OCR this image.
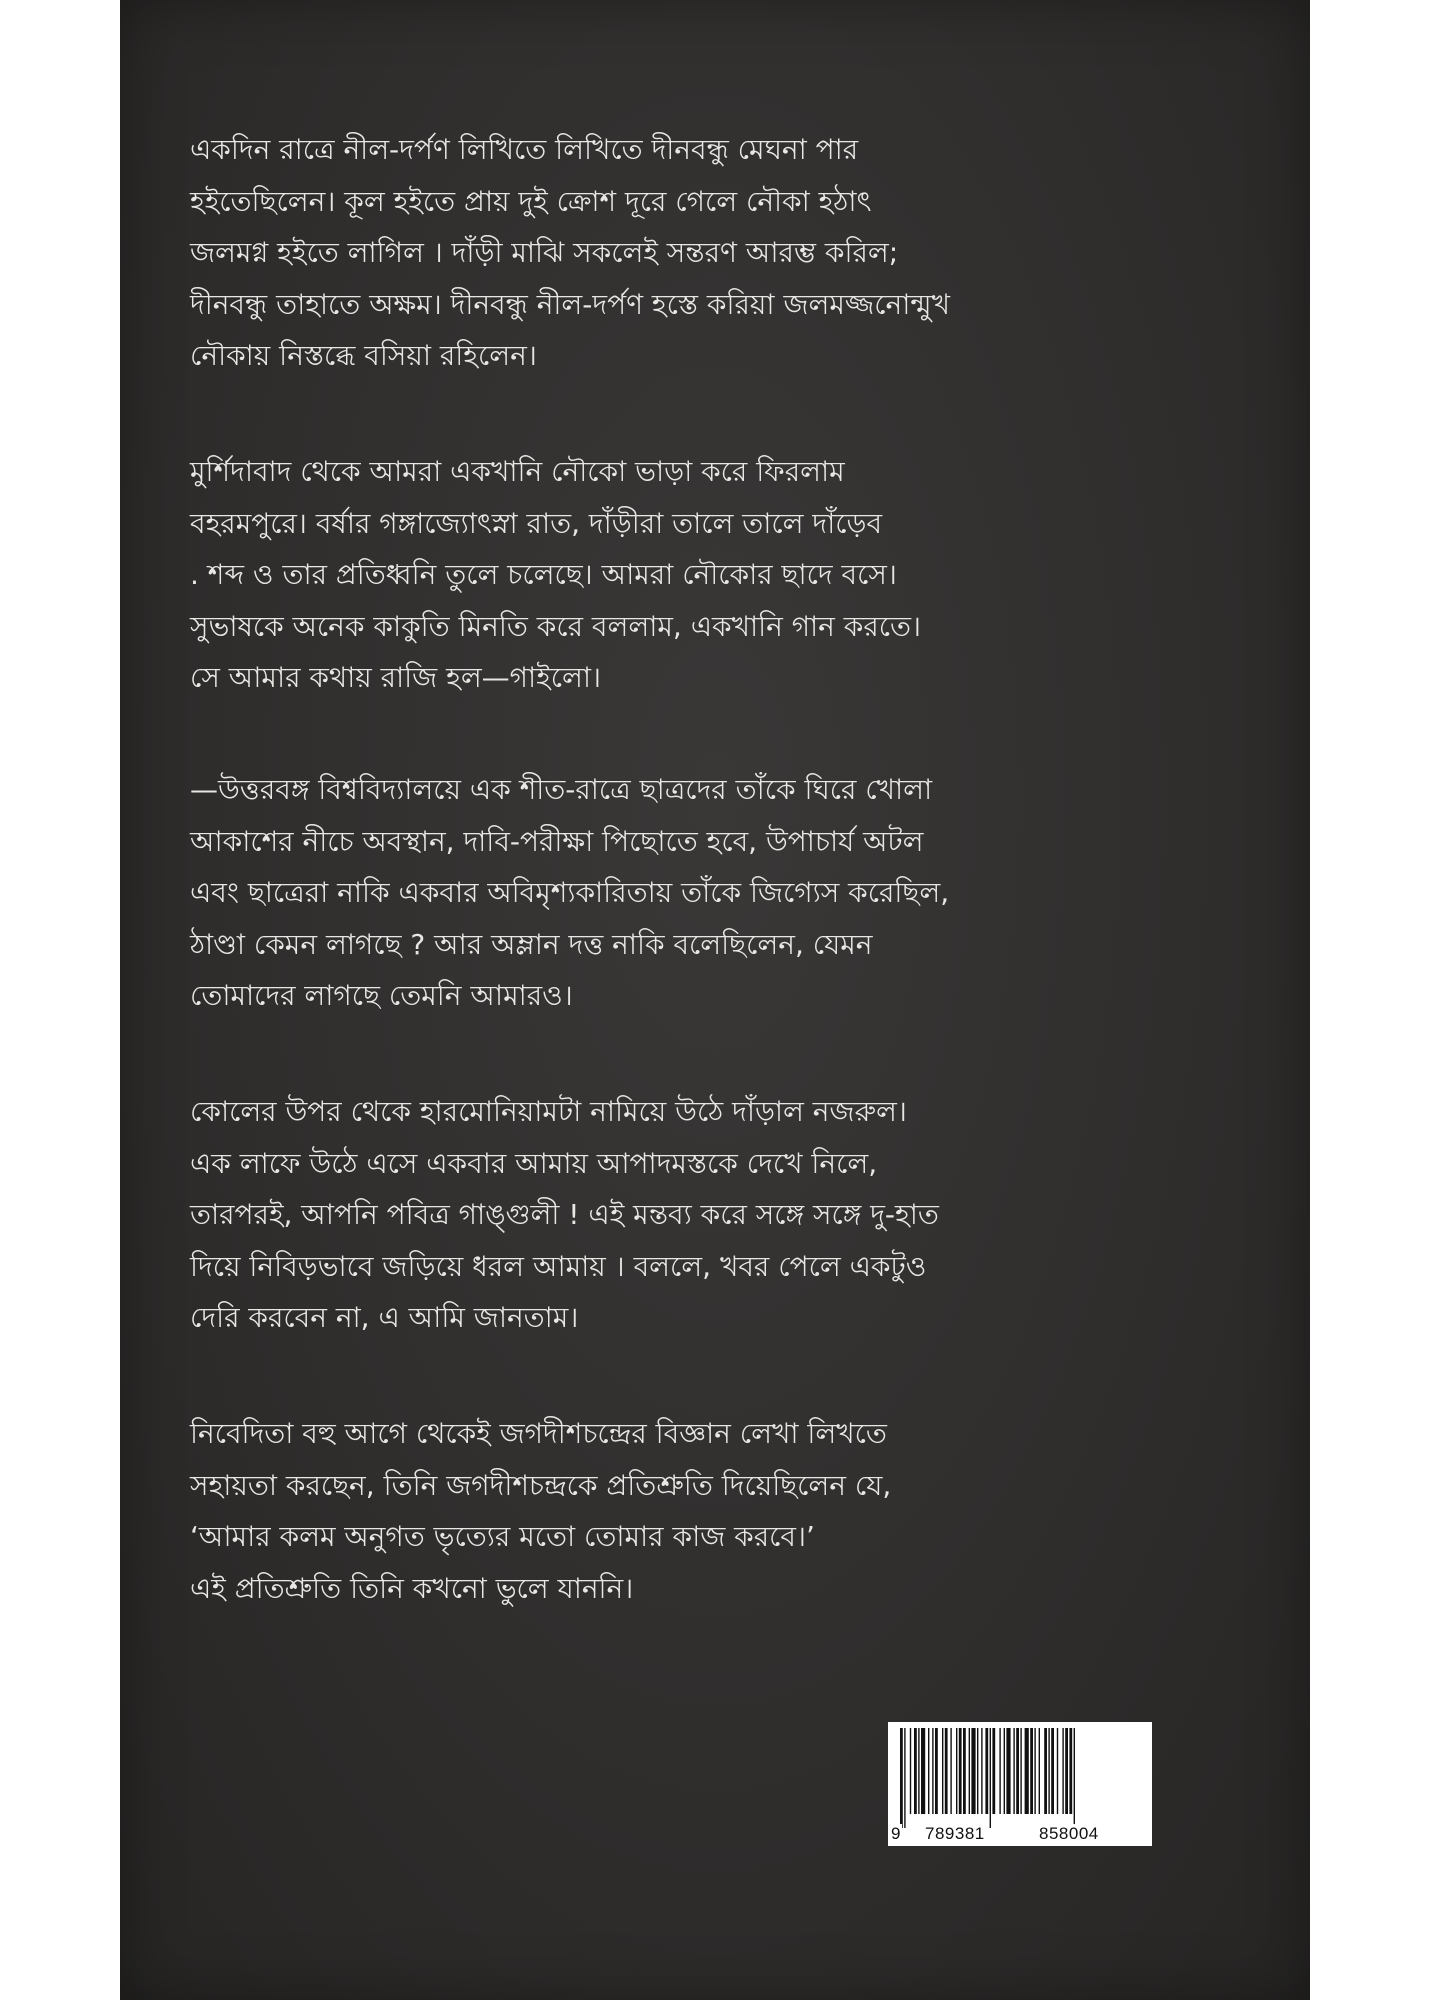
একদিন রাত্রে নীল-দর্পণ লিখিতে লিখিতে দীনবন্ধু মেঘনা পার
হইতেছিলেন। কূল হইতে প্রায় দুই ক্রোশ দূরে গেলে নৌকা হঠাৎ
জলমগ্ন হইতে লাগিল । দাঁড়ী মাঝি সকলেই সন্তরণ আরম্ভ করিল;
দীনবন্ধু তাহাতে অক্ষম। দীনবন্ধু নীল-দর্পণ হস্তে করিয়া জলমজ্জনোন্মুখ
নৌকায় নিস্তব্ধে বসিয়া রহিলেন।
মুর্শিদাবাদ থেকে আমরা একখানি নৌকো ভাড়া করে ফিরলাম
বহরমপুরে। বর্ষার গঙ্গাজ্যোৎস্না রাত, দাঁড়ীরা তালে তালে দাঁড়েব
. শব্দ ও তার প্রতিধ্বনি তুলে চলেছে। আমরা নৌকোর ছাদে বসে।
সুভাষকে অনেক কাকুতি মিনতি করে বললাম, একখানি গান করতে।
সে আমার কথায় রাজি হল—গাইলো।
—উত্তরবঙ্গ বিশ্ববিদ্যালয়ে এক শীত-রাত্রে ছাত্রদের তাঁকে ঘিরে খোলা
আকাশের নীচে অবস্থান, দাবি-পরীক্ষা পিছোতে হবে, উপাচার্য অটল
এবং ছাত্রেরা নাকি একবার অবিমৃশ্যকারিতায় তাঁকে জিগ্যেস করেছিল,
ঠাণ্ডা কেমন লাগছে ? আর অম্লান দত্ত নাকি বলেছিলেন, যেমন
তোমাদের লাগছে তেমনি আমারও।
কোলের উপর থেকে হারমোনিয়ামটা নামিয়ে উঠে দাঁড়াল নজরুল।
এক লাফে উঠে এসে একবার আমায় আপাদমস্তকে দেখে নিলে,
তারপরই, আপনি পবিত্র গাঙ্গুলী ! এই মন্তব্য করে সঙ্গে সঙ্গে দু-হাত
দিয়ে নিবিড়ভাবে জড়িয়ে ধরল আমায় । বললে, খবর পেলে একটুও
দেরি করবেন না, এ আমি জানতাম।
নিবেদিতা বহু আগে থেকেই জগদীশচন্দ্রের বিজ্ঞান লেখা লিখতে
সহায়তা করছেন, তিনি জগদীশচন্দ্রকে প্রতিশ্রুতি দিয়েছিলেন যে,
‘আমার কলম অনুগত ভৃত্যের মতো তোমার কাজ করবে।’
এই প্রতিশ্রুতি তিনি কখনো ভুলে যাননি।
9 789381	858004
